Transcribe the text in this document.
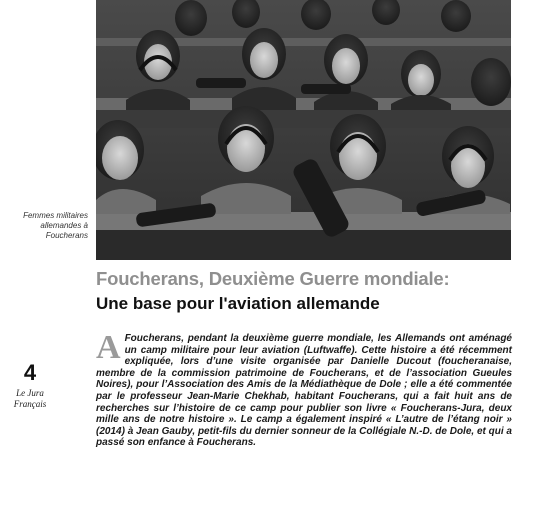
Femmes militaires
allemandes à
Foucherans
4
Le Jura
Français
Foucherans, Deuxième Guerre mondiale:
Une base pour l'aviation allemande
A Foucherans, pendant la deuxième guerre mondiale, les Allemands ont aménagé un camp militaire pour leur aviation (Luftwaffe). Cette histoire a été récemment expliquée, lors d’une visite organisée par Danielle Ducout (foucheranaise, membre de la commission patrimoine de Foucherans, et de l’association Gueules Noires), pour l’Association des Amis de la Médiathèque de Dole ; elle a été commentée par le professeur Jean-Marie Chekhab, habitant Foucherans, qui a fait huit ans de recherches sur l’histoire de ce camp pour publier son livre « Foucherans-Jura, deux mille ans de notre histoire ». Le camp a également inspiré « L’autre de l’étang noir » (2014) à Jean Gauby, petit-fils du dernier sonneur de la Collégiale N.-D. de Dole, et qui a passé son enfance à Foucherans.
